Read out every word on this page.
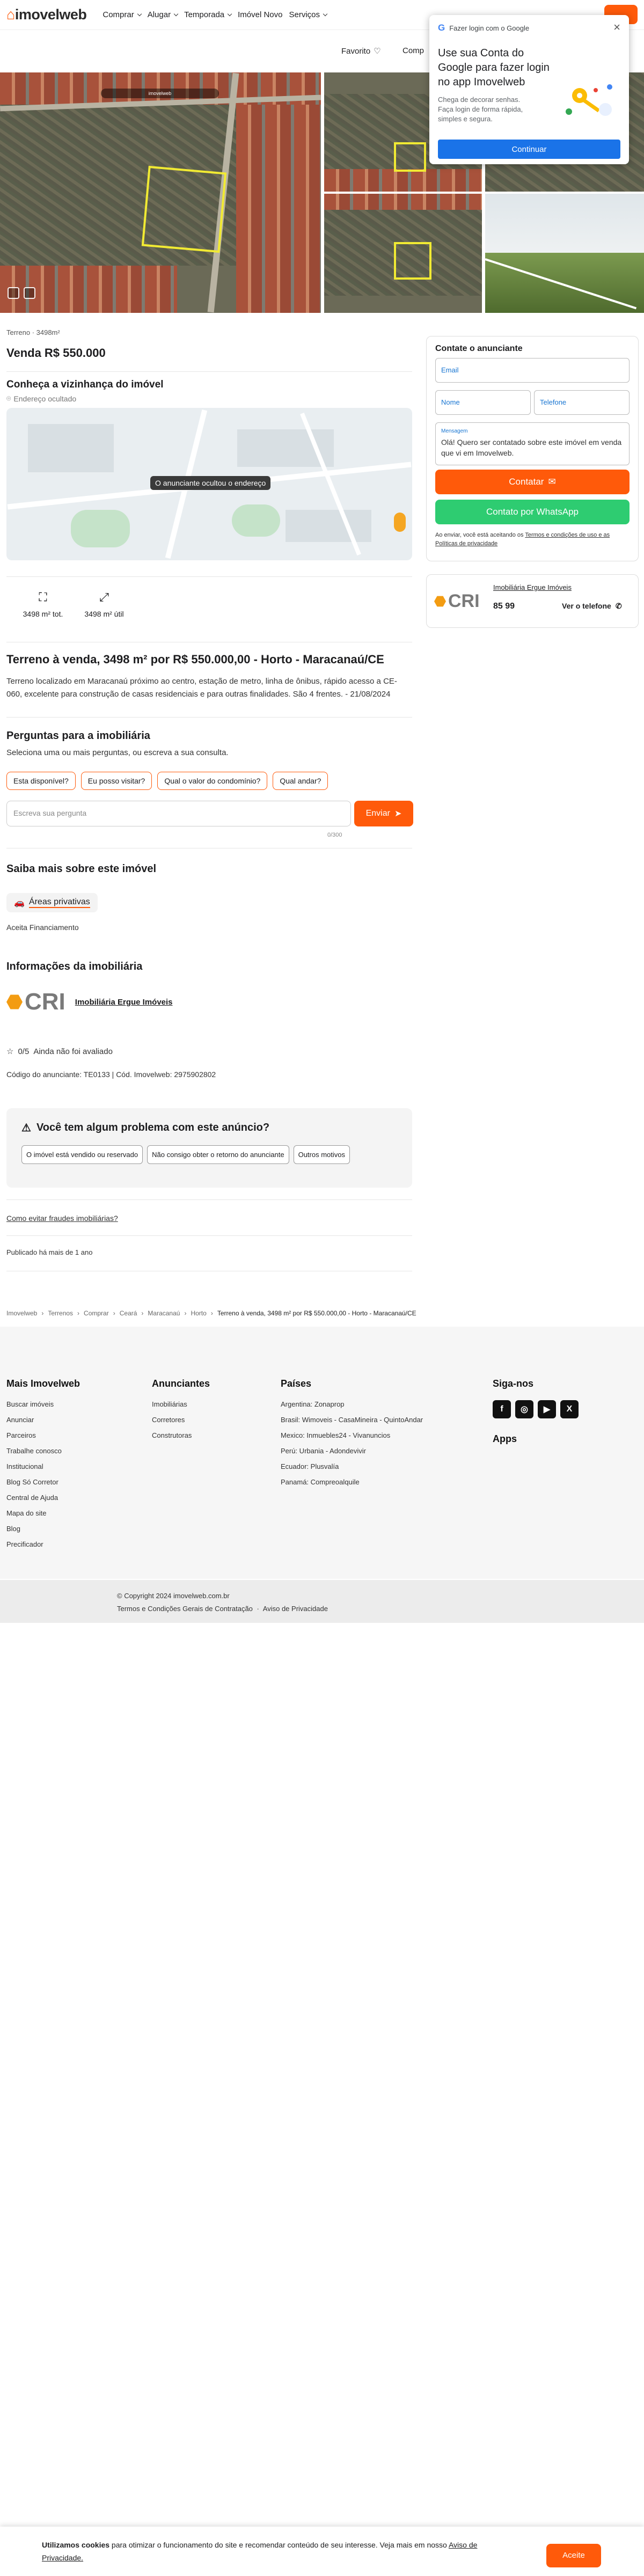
⌂ imovelweb Comprar Alugar Temporada Imóvel Novo Serviços
Favorito ♡	Comp
imovelweb
G Fazer login com o Google	×
Use sua Conta do Google para fazer login no app Imovelweb

Chega de decorar senhas. Faça login de forma rápida, simples e segura.

Continuar
Terreno · 3498m²
Venda R$ 550.000
Conheça a vizinhança do imóvel
⌾ Endereço ocultado
O anunciante ocultou o endereço
⛶
3498 m² tot.
⤢
3498 m² útil
Terreno à venda, 3498 m² por R$ 550.000,00 - Horto - Maracanaú/CE
Terreno localizado em Maracanaú próximo ao centro, estação de metro, linha de ônibus, rápido acesso a CE-060, excelente para construção de casas residenciais e para outras finalidades. São 4 frentes. - 21/08/2024
Perguntas para a imobiliária
Seleciona uma ou mais perguntas, ou escreva a sua consulta.
Esta disponível?	Eu posso visitar?	Qual o valor do condomínio?	Qual andar?
Escreva sua pergunta	Enviar ➤
0/300
Saiba mais sobre este imóvel
🚗 Áreas privativas
Aceita Financiamento
Informações da imobiliária
CRI Imobiliária Ergue Imóveis
☆ 0/5 Ainda não foi avaliado
Código do anunciante: TE0133 | Cód. Imovelweb: 2975902802
⚠ Você tem algum problema com este anúncio?
O imóvel está vendido ou reservado	Não consigo obter o retorno do anunciante	Outros motivos
Como evitar fraudes imobiliárias?
Publicado há mais de 1 ano
Imovelweb › Terrenos › Comprar › Ceará › Maracanaú › Horto › Terreno à venda, 3498 m² por R$ 550.000,00 - Horto - Maracanaú/CE
Contate o anunciante
Email
Nome	Telefone
Mensagem
Olá! Quero ser contatado sobre este imóvel em venda que vi em Imovelweb.
Contatar ✉
Contato por WhatsApp
Ao enviar, você está aceitando os Termos e condições de uso e as Políticas de privacidade
CRI
Imobiliária Ergue Imóveis
85 99	Ver o telefone ✆
Mais Imovelweb
Buscar imóveis
Anunciar
Parceiros
Trabalhe conosco
Institucional
Blog Só Corretor
Central de Ajuda
Mapa do site
Blog
Precificador
Anunciantes
Imobiliárias
Corretores
Construtoras
Países
Argentina: Zonaprop
Brasil: Wimoveis - CasaMineira - QuintoAndar
Mexico: Inmuebles24 - Vivanuncios
Perú: Urbania - Adondevivir
Ecuador: Plusvalía
Panamá: Compreoalquile
Siga-nos
f	◎	▶	X
Apps
© Copyright 2024 imovelweb.com.br
Termos e Condições Gerais de Contratação · Aviso de Privacidade
Utilizamos cookies para otimizar o funcionamento do site e recomendar conteúdo de seu interesse. Veja mais em nosso Aviso de Privacidade.	Aceite
